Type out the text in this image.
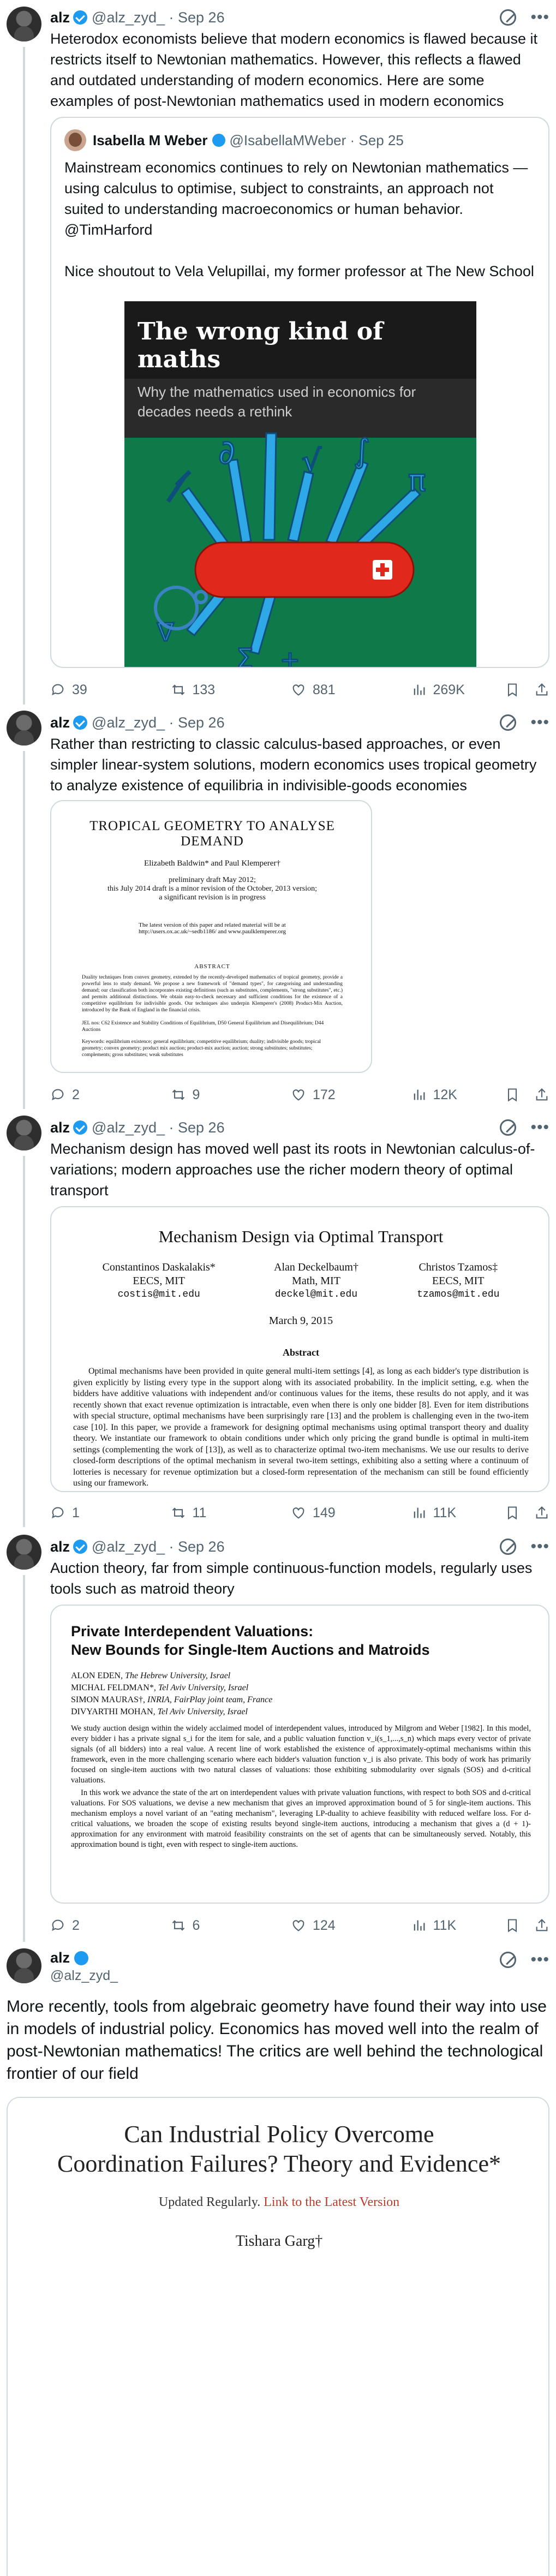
alz @alz_zyd_ · Sep 26	•••
Heterodox economists believe that modern economics is flawed because it restricts itself to Newtonian mathematics. However, this reflects a flawed and outdated understanding of modern economics. Here are some examples of post-Newtonian mathematics used in modern economics
Isabella M Weber @IsabellaMWeber · Sep 25
Mainstream economics continues to rely on Newtonian mathematics — using calculus to optimise, subject to constraints, an approach not suited to understanding macroeconomics or human behavior. @TimHarford
Nice shoutout to Vela Velupillai, my former professor at The New School
The wrong kind of maths
Why the mathematics used in economics for decades needs a rethink
∂ √ ∫
π
∇
Σ +
39	133	881	269K
alz @alz_zyd_ · Sep 26	•••
Rather than restricting to classic calculus-based approaches, or even simpler linear-system solutions, modern economics uses tropical geometry to analyze existence of equilibria in indivisible-goods economies
TROPICAL GEOMETRY TO ANALYSE
DEMAND
Elizabeth Baldwin* and Paul Klemperer†
preliminary draft May 2012;
this July 2014 draft is a minor revision of the October, 2013 version;
a significant revision is in progress
The latest version of this paper and related material will be at
http://users.ox.ac.uk/~sedb1186/ and www.paulklemperer.org
ABSTRACT
Duality techniques from convex geometry, extended by the recently-developed mathematics of tropical geometry, provide a powerful lens to study demand. We propose a new framework of "demand types", for categorising and understanding demand; our classification both incorporates existing definitions (such as substitutes, complements, "strong substitutes", etc.) and permits additional distinctions. We obtain easy-to-check necessary and sufficient conditions for the existence of a competitive equilibrium for indivisible goods. Our techniques also underpin Klemperer's (2008) Product-Mix Auction, introduced by the Bank of England in the financial crisis.
JEL nos: C62 Existence and Stability Conditions of Equilibrium, D50 General Equilibrium and Disequilibrium; D44 Auctions
Keywords: equilibrium existence; general equilibrium; competitive equilibrium; duality; indivisible goods; tropical geometry; convex geometry; product mix auction; product-mix auction; auction; strong substitutes; substitutes; complements; gross substitutes; weak substitutes
2	9	172	12K
alz @alz_zyd_ · Sep 26	•••
Mechanism design has moved well past its roots in Newtonian calculus-of-variations; modern approaches use the richer modern theory of optimal transport
Mechanism Design via Optimal Transport
Constantinos Daskalakis*
EECS, MIT
costis@mit.edu
Alan Deckelbaum†
Math, MIT
deckel@mit.edu
Christos Tzamos‡
EECS, MIT
tzamos@mit.edu
March 9, 2015
Abstract
Optimal mechanisms have been provided in quite general multi-item settings [4], as long as each bidder's type distribution is given explicitly by listing every type in the support along with its associated probability. In the implicit setting, e.g. when the bidders have additive valuations with independent and/or continuous values for the items, these results do not apply, and it was recently shown that exact revenue optimization is intractable, even when there is only one bidder [8]. Even for item distributions with special structure, optimal mechanisms have been surprisingly rare [13] and the problem is challenging even in the two-item case [10]. In this paper, we provide a framework for designing optimal mechanisms using optimal transport theory and duality theory. We instantiate our framework to obtain conditions under which only pricing the grand bundle is optimal in multi-item settings (complementing the work of [13]), as well as to characterize optimal two-item mechanisms. We use our results to derive closed-form descriptions of the optimal mechanism in several two-item settings, exhibiting also a setting where a continuum of lotteries is necessary for revenue optimization but a closed-form representation of the mechanism can still be found efficiently using our framework.
1	11	149	11K
alz @alz_zyd_ · Sep 26	•••
Auction theory, far from simple continuous-function models, regularly uses tools such as matroid theory
Private Interdependent Valuations:
New Bounds for Single-Item Auctions and Matroids
ALON EDEN, The Hebrew University, Israel
MICHAL FELDMAN*, Tel Aviv University, Israel
SIMON MAURAS†, INRIA, FairPlay joint team, France
DIVYARTHI MOHAN, Tel Aviv University, Israel
We study auction design within the widely acclaimed model of interdependent values, introduced by Milgrom and Weber [1982]. In this model, every bidder i has a private signal s_i for the item for sale, and a public valuation function v_i(s_1,...,s_n) which maps every vector of private signals (of all bidders) into a real value. A recent line of work established the existence of approximately-optimal mechanisms within this framework, even in the more challenging scenario where each bidder's valuation function v_i is also private. This body of work has primarily focused on single-item auctions with two natural classes of valuations: those exhibiting submodularity over signals (SOS) and d-critical valuations.
In this work we advance the state of the art on interdependent values with private valuation functions, with respect to both SOS and d-critical valuations. For SOS valuations, we devise a new mechanism that gives an improved approximation bound of 5 for single-item auctions. This mechanism employs a novel variant of an "eating mechanism", leveraging LP-duality to achieve feasibility with reduced welfare loss. For d-critical valuations, we broaden the scope of existing results beyond single-item auctions, introducing a mechanism that gives a (d + 1)-approximation for any environment with matroid feasibility constraints on the set of agents that can be simultaneously served. Notably, this approximation bound is tight, even with respect to single-item auctions.
2	6	124	11K
alz
@alz_zyd_
•••
More recently, tools from algebraic geometry have found their way into use in models of industrial policy. Economics has moved well into the realm of post-Newtonian mathematics! The critics are well behind the technological frontier of our field
Can Industrial Policy Overcome
Coordination Failures? Theory and Evidence*
Updated Regularly. Link to the Latest Version
Tishara Garg†
